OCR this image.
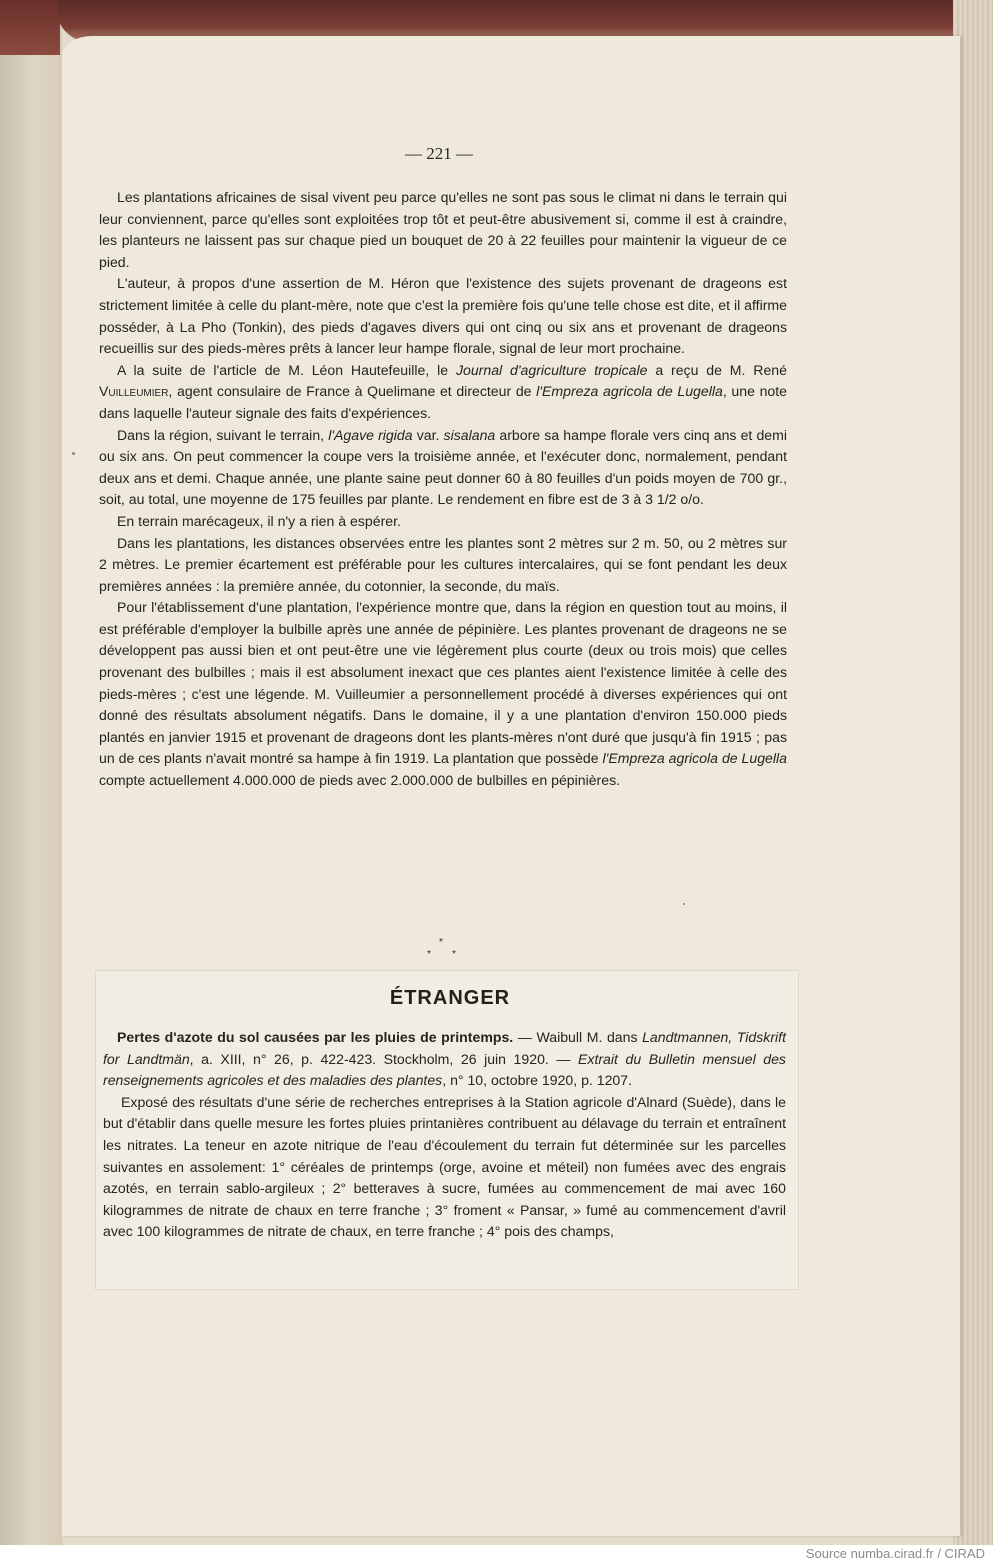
— 221 —

Les plantations africaines de sisal vivent peu parce qu'elles ne sont pas sous le climat ni dans le terrain qui leur conviennent, parce qu'elles sont exploitées trop tôt et peut-être abusivement si, comme il est à craindre, les planteurs ne laissent pas sur chaque pied un bouquet de 20 à 22 feuilles pour maintenir la vigueur de ce pied.

L'auteur, à propos d'une assertion de M. Héron que l'existence des sujets provenant de drageons est strictement limitée à celle du plant-mère, note que c'est la première fois qu'une telle chose est dite, et il affirme posséder, à La Pho (Tonkin), des pieds d'agaves divers qui ont cinq ou six ans et provenant de drageons recueillis sur des pieds-mères prêts à lancer leur hampe florale, signal de leur mort prochaine.

A la suite de l'article de M. Léon Hautefeuille, le Journal d'agriculture tropicale a reçu de M. René Vuilleumier, agent consulaire de France à Quelimane et directeur de l'Empreza agricola de Lugella, une note dans laquelle l'auteur signale des faits d'expériences.

Dans la région, suivant le terrain, l'Agave rigida var. sisalana arbore sa hampe florale vers cinq ans et demi ou six ans. On peut commencer la coupe vers la troisième année, et l'exécuter donc, normalement, pendant deux ans et demi. Chaque année, une plante saine peut donner 60 à 80 feuilles d'un poids moyen de 700 gr., soit, au total, une moyenne de 175 feuilles par plante. Le rendement en fibre est de 3 à 3 1/2 o/o.

En terrain marécageux, il n'y a rien à espérer.

Dans les plantations, les distances observées entre les plantes sont 2 mètres sur 2 m. 50, ou 2 mètres sur 2 mètres. Le premier écartement est préférable pour les cultures intercalaires, qui se font pendant les deux premières années : la première année, du cotonnier, la seconde, du maïs.

Pour l'établissement d'une plantation, l'expérience montre que, dans la région en question tout au moins, il est préférable d'employer la bulbille après une année de pépinière. Les plantes provenant de drageons ne se développent pas aussi bien et ont peut-être une vie légèrement plus courte (deux ou trois mois) que celles provenant des bulbilles ; mais il est absolument inexact que ces plantes aient l'existence limitée à celle des pieds-mères ; c'est une légende. M. Vuilleumier a personnellement procédé à diverses expériences qui ont donné des résultats absolument négatifs. Dans le domaine, il y a une plantation d'environ 150.000 pieds plantés en janvier 1915 et provenant de drageons dont les plants-mères n'ont duré que jusqu'à fin 1915 ; pas un de ces plants n'avait montré sa hampe à fin 1919. La plantation que possède l'Empreza agricola de Lugella compte actuellement 4.000.000 de pieds avec 2.000.000 de bulbilles en pépinières.

*
* *
ÉTRANGER

Pertes d'azote du sol causées par les pluies de printemps. — Waibull M. dans Landtmannen, Tidskrift for Landtmän, a. XIII, n° 26, p. 422-423. Stockholm, 26 juin 1920. — Extrait du Bulletin mensuel des renseignements agricoles et des maladies des plantes, n° 10, octobre 1920, p. 1207.

Exposé des résultats d'une série de recherches entreprises à la Station agricole d'Alnard (Suède), dans le but d'établir dans quelle mesure les fortes pluies printanières contribuent au délavage du terrain et entraînent les nitrates. La teneur en azote nitrique de l'eau d'écoulement du terrain fut déterminée sur les parcelles suivantes en assolement: 1° céréales de printemps (orge, avoine et méteil) non fumées avec des engrais azotés, en terrain sablo-argileux ; 2° betteraves à sucre, fumées au commencement de mai avec 160 kilogrammes de nitrate de chaux en terre franche ; 3° froment « Pansar, » fumé au commencement d'avril avec 100 kilogrammes de nitrate de chaux, en terre franche ; 4° pois des champs,

Source numba.cirad.fr / CIRAD
